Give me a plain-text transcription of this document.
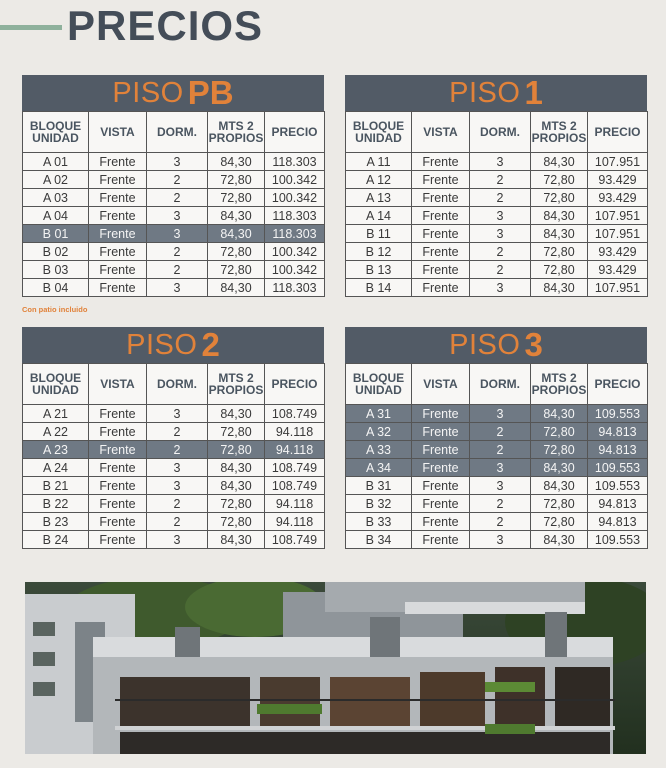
PRECIOS
PISO PB
BLOQUE UNIDAD	VISTA	DORM.	MTS 2 PROPIOS	PRECIO
A 01	Frente	3	84,30	118.303
A 02	Frente	2	72,80	100.342
A 03	Frente	2	72,80	100.342
A 04	Frente	3	84,30	118.303
B 01	Frente	3	84,30	118.303
B 02	Frente	2	72,80	100.342
B 03	Frente	2	72,80	100.342
B 04	Frente	3	84,30	118.303
PISO 1
BLOQUE UNIDAD	VISTA	DORM.	MTS 2 PROPIOS	PRECIO
A 11	Frente	3	84,30	107.951
A 12	Frente	2	72,80	93.429
A 13	Frente	2	72,80	93.429
A 14	Frente	3	84,30	107.951
B 11	Frente	3	84,30	107.951
B 12	Frente	2	72,80	93.429
B 13	Frente	2	72,80	93.429
B 14	Frente	3	84,30	107.951
PISO 2
BLOQUE UNIDAD	VISTA	DORM.	MTS 2 PROPIOS	PRECIO
A 21	Frente	3	84,30	108.749
A 22	Frente	2	72,80	94.118
A 23	Frente	2	72,80	94.118
A 24	Frente	3	84,30	108.749
B 21	Frente	3	84,30	108.749
B 22	Frente	2	72,80	94.118
B 23	Frente	2	72,80	94.118
B 24	Frente	3	84,30	108.749
PISO 3
BLOQUE UNIDAD	VISTA	DORM.	MTS 2 PROPIOS	PRECIO
A 31	Frente	3	84,30	109.553
A 32	Frente	2	72,80	94.813
A 33	Frente	2	72,80	94.813
A 34	Frente	3	84,30	109.553
B 31	Frente	3	84,30	109.553
B 32	Frente	2	72,80	94.813
B 33	Frente	2	72,80	94.813
B 34	Frente	3	84,30	109.553
Con patio incluido
